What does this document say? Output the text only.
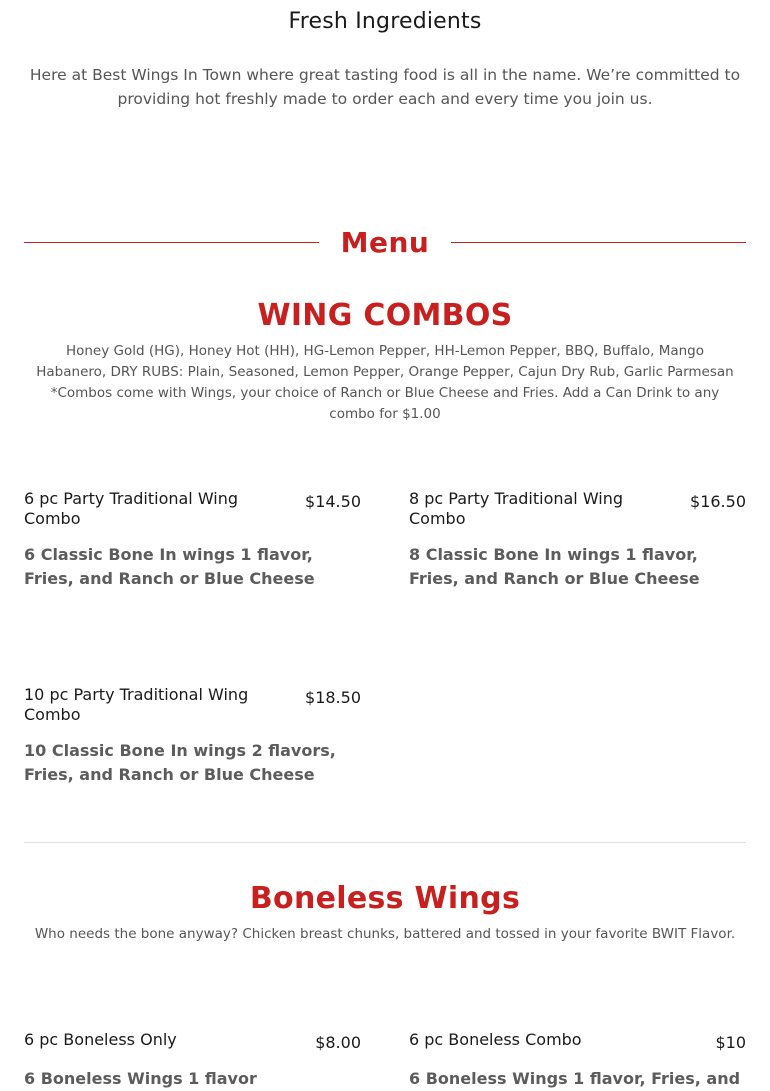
Fresh Ingredients
Here at Best Wings In Town where great tasting food is all in the name. We’re committed to providing hot freshly made to order each and every time you join us.
Menu
WING COMBOS
Honey Gold (HG), Honey Hot (HH), HG-Lemon Pepper, HH-Lemon Pepper, BBQ, Buffalo, Mango Habanero, DRY RUBS: Plain, Seasoned, Lemon Pepper, Orange Pepper, Cajun Dry Rub, Garlic Parmesan *Combos come with Wings, your choice of Ranch or Blue Cheese and Fries. Add a Can Drink to any combo for $1.00
6 pc Party Traditional Wing Combo
$14.50
6 Classic Bone In wings 1 flavor, Fries, and Ranch or Blue Cheese
8 pc Party Traditional Wing Combo
$16.50
8 Classic Bone In wings 1 flavor, Fries, and Ranch or Blue Cheese
10 pc Party Traditional Wing Combo
$18.50
10 Classic Bone In wings 2 flavors, Fries, and Ranch or Blue Cheese
Boneless Wings
Who needs the bone anyway? Chicken breast chunks, battered and tossed in your favorite BWIT Flavor.
6 pc Boneless Only	$8.00
6 Boneless Wings 1 flavor
6 pc Boneless Combo	$10
6 Boneless Wings 1 flavor, Fries, and
